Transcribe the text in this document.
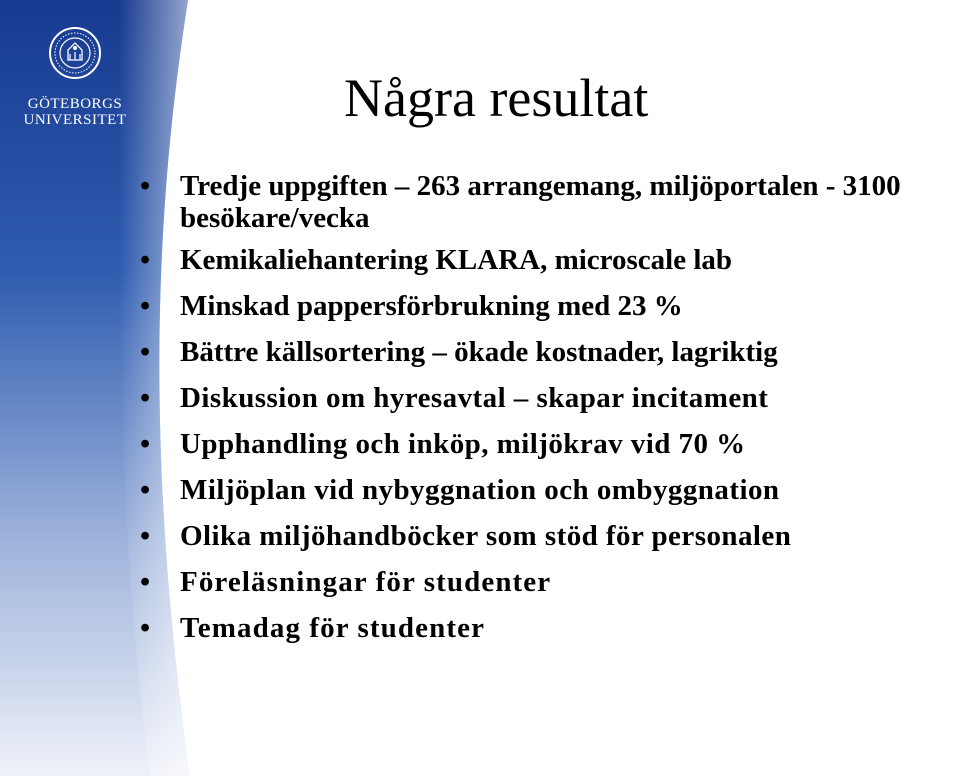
GÖTEBORGS
UNIVERSITET	Några resultat
• Tredje uppgiften – 263 arrangemang, miljöportalen - 3100 besökare/vecka
• Kemikaliehantering KLARA, microscale lab
• Minskad pappersförbrukning med 23 %
• Bättre källsortering – ökade kostnader, lagriktig
• Diskussion om hyresavtal – skapar incitament
• Upphandling och inköp, miljökrav vid 70 %
• Miljöplan vid nybyggnation och ombyggnation
• Olika miljöhandböcker som stöd för personalen
• Föreläsningar för studenter
• Temadag för studenter
